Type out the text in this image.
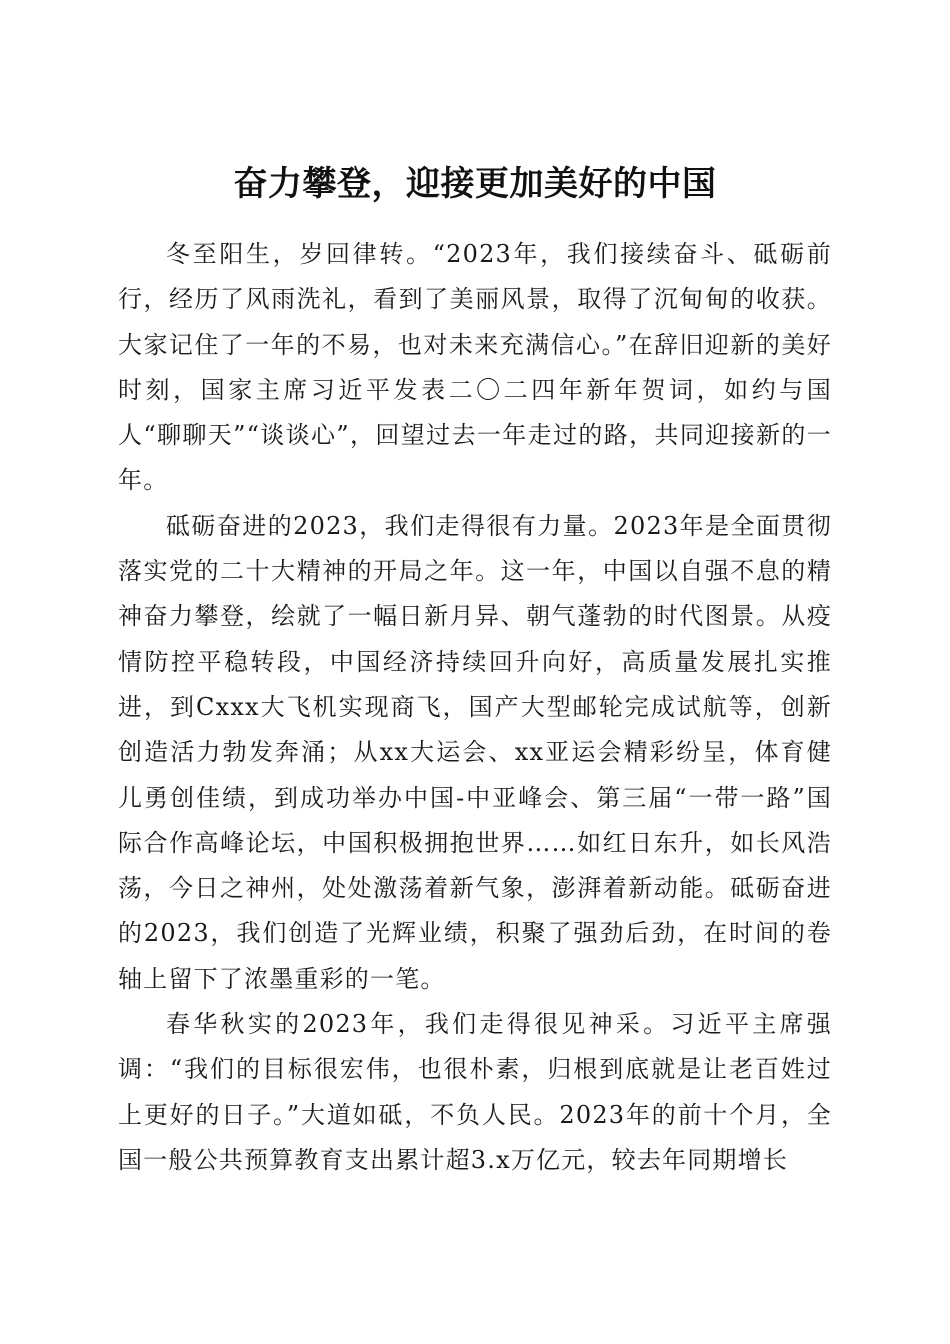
奋力攀登，迎接更加美好的中国

冬至阳生，岁回律转。“2023年，我们接续奋斗、砥砺前行，经历了风雨洗礼，看到了美丽风景，取得了沉甸甸的收获。大家记住了一年的不易，也对未来充满信心。”在辞旧迎新的美好时刻，国家主席习近平发表二〇二四年新年贺词，如约与国人“聊聊天”“谈谈心”，回望过去一年走过的路，共同迎接新的一年。

砥砺奋进的2023，我们走得很有力量。2023年是全面贯彻落实党的二十大精神的开局之年。这一年，中国以自强不息的精神奋力攀登，绘就了一幅日新月异、朝气蓬勃的时代图景。从疫情防控平稳转段，中国经济持续回升向好，高质量发展扎实推进，到Cxxx大飞机实现商飞，国产大型邮轮完成试航等，创新创造活力勃发奔涌；从xx大运会、xx亚运会精彩纷呈，体育健儿勇创佳绩，到成功举办中国-中亚峰会、第三届“一带一路”国际合作高峰论坛，中国积极拥抱世界……如红日东升，如长风浩荡，今日之神州，处处激荡着新气象，澎湃着新动能。砥砺奋进的2023，我们创造了光辉业绩，积聚了强劲后劲，在时间的卷轴上留下了浓墨重彩的一笔。

春华秋实的2023年，我们走得很见神采。习近平主席强调：“我们的目标很宏伟，也很朴素，归根到底就是让老百姓过上更好的日子。”大道如砥，不负人民。2023年的前十个月，全国一般公共预算教育支出累计超3.x万亿元，较去年同期增长
